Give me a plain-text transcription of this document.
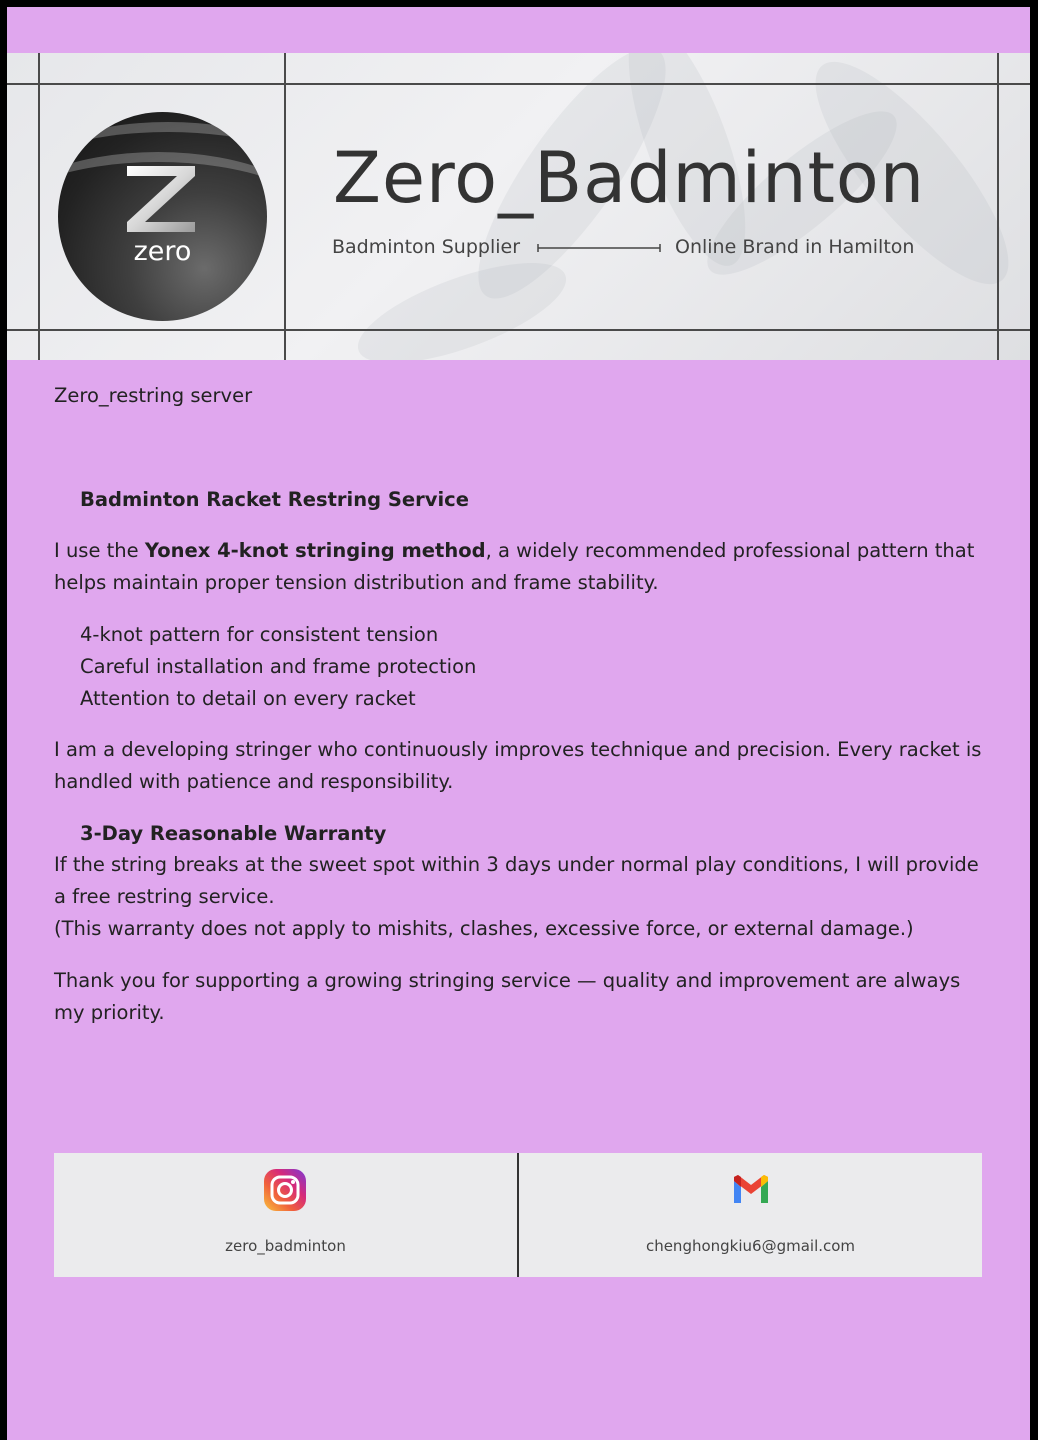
zero
Zero_Badminton
Badminton Supplier	Online Brand in Hamilton
Zero_restring server
Badminton Racket Restring Service
I use the Yonex 4-knot stringing method, a widely recommended professional pattern that helps maintain proper tension distribution and frame stability.
4-knot pattern for consistent tension
Careful installation and frame protection
Attention to detail on every racket
I am a developing stringer who continuously improves technique and precision. Every racket is handled with patience and responsibility.
3-Day Reasonable Warranty
If the string breaks at the sweet spot within 3 days under normal play conditions, I will provide a free restring service.
(This warranty does not apply to mishits, clashes, excessive force, or external damage.)
Thank you for supporting a growing stringing service — quality and improvement are always my priority.
zero_badminton	chenghongkiu6@gmail.com
